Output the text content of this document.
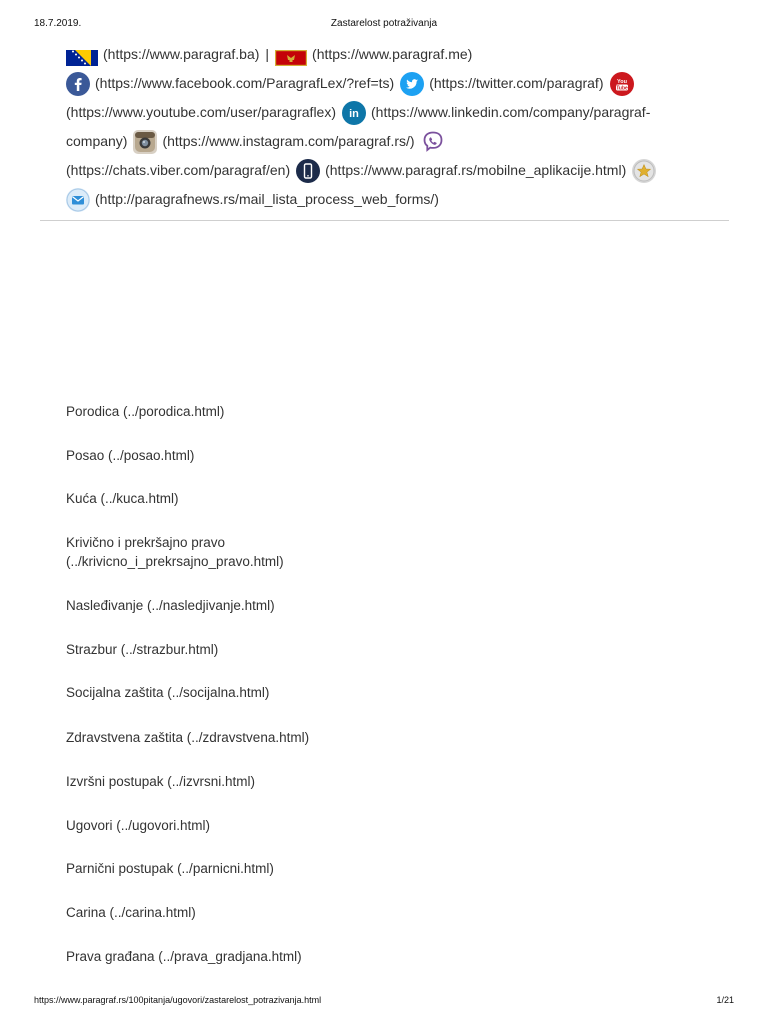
18.7.2019.	Zastarelost potraživanja
(https://www.paragraf.ba) |	(https://www.paragraf.me)
(https://www.facebook.com/ParagrafLex/?ref=ts)	(https://twitter.com/paragraf) You
Tube
(https://www.youtube.com/user/paragraflex) in (https://www.linkedin.com/company/paragraf-
company)	(https://www.instagram.com/paragraf.rs/)
(https://chats.viber.com/paragraf/en)	(https://www.paragraf.rs/mobilne_aplikacije.html)
(http://paragrafnews.rs/mail_lista_process_web_forms/)
Porodica (../porodica.html)
Posao (../posao.html)
Kuća (../kuca.html)
Krivično i prekršajno pravo
(../krivicno_i_prekrsajno_pravo.html)
Nasleđivanje (../nasledjivanje.html)
Strazbur (../strazbur.html)
Socijalna zaštita (../socijalna.html)
Zdravstvena zaštita (../zdravstvena.html)
Izvršni postupak (../izvrsni.html)
Ugovori (../ugovori.html)
Parnični postupak (../parnicni.html)
Carina (../carina.html)
Prava građana (../prava_gradjana.html)
https://www.paragraf.rs/100pitanja/ugovori/zastarelost_potrazivanja.html	1/21
